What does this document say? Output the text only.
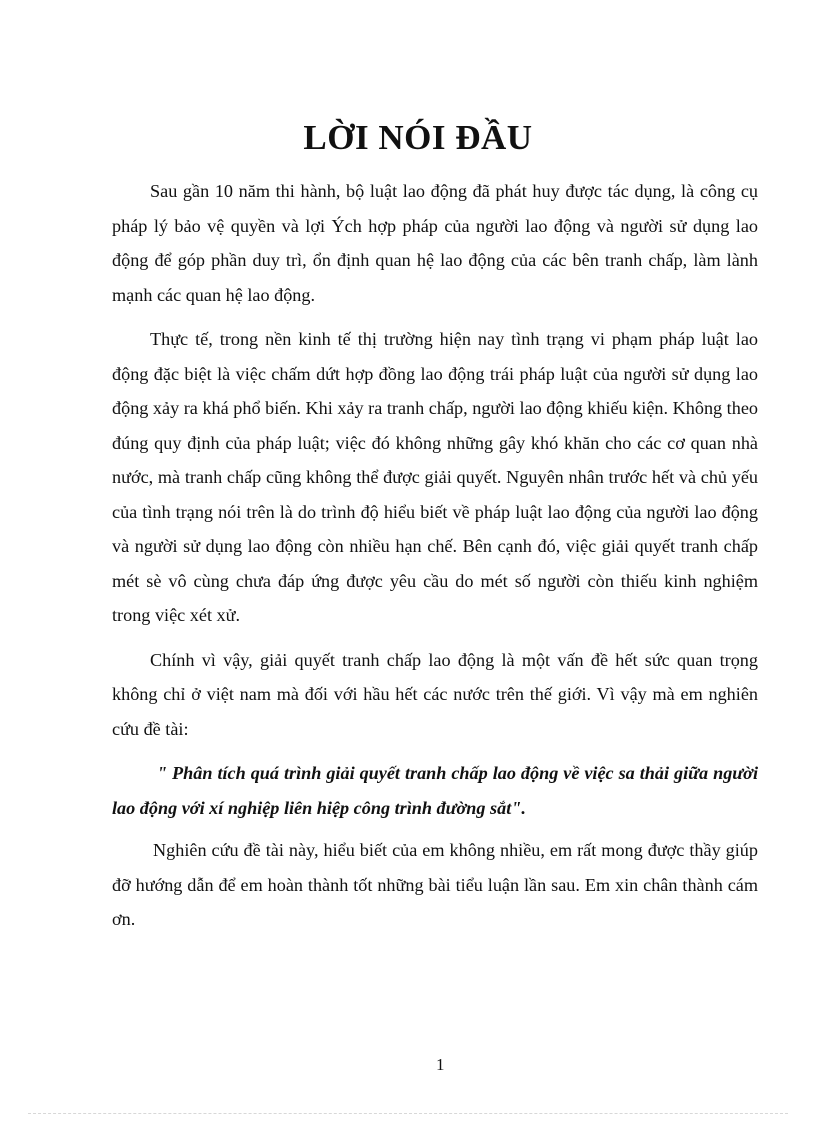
LỜI NÓI ĐẦU

Sau gần 10 năm thi hành, bộ luật lao động đã phát huy được tác dụng, là công cụ pháp lý bảo vệ quyền và lợi Ých hợp pháp của người lao động và người sử dụng lao động để góp phần duy trì, ổn định quan hệ lao động của các bên tranh chấp, làm lành mạnh các quan hệ lao động.

Thực tế, trong nền kinh tế thị trường hiện nay tình trạng vi phạm pháp luật lao động đặc biệt là việc chấm dứt hợp đồng lao động trái pháp luật của người sử dụng lao động xảy ra khá phổ biến. Khi xảy ra tranh chấp, người lao động khiếu kiện. Không theo đúng quy định của pháp luật; việc đó không những gây khó khăn cho các cơ quan nhà nước, mà tranh chấp cũng không thể được giải quyết. Nguyên nhân trước hết và chủ yếu của tình trạng nói trên là do trình độ hiểu biết về pháp luật lao động của người lao động và người sử dụng lao động còn nhiều hạn chế. Bên cạnh đó, việc giải quyết tranh chấp mét sè vô cùng chưa đáp ứng được yêu cầu do mét số người còn thiếu kinh nghiệm trong việc xét xử.

Chính vì vậy, giải quyết tranh chấp lao động là một vấn đề hết sức quan trọng không chỉ ở việt nam mà đối với hầu hết các nước trên thế giới. Vì vậy mà em nghiên cứu đề tài:

" Phân tích quá trình giải quyết tranh chấp lao động về việc sa thải giữa người lao động với xí nghiệp liên hiệp công trình đường sắt".

Nghiên cứu đề tài này, hiểu biết của em không nhiều, em rất mong được thầy giúp đỡ hướng dẫn để em hoàn thành tốt những bài tiểu luận lần sau. Em xin chân thành cám ơn.

1
